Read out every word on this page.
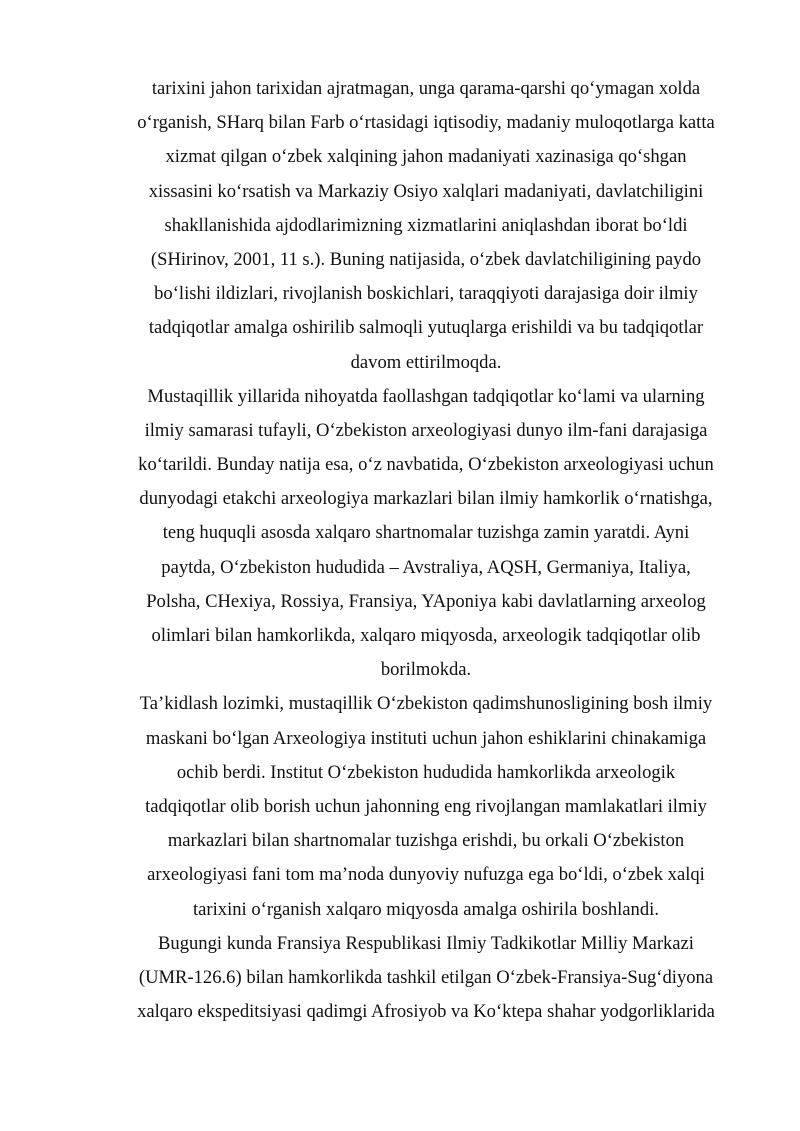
tarixini jahon tarixidan ajratmagan, unga qarama-qarshi qo‘ymagan xolda
o‘rganish, SHarq bilan Farb o‘rtasidagi iqtisodiy, madaniy muloqotlarga katta
xizmat qilgan o‘zbek xalqining jahon madaniyati xazinasiga qo‘shgan
xissasini ko‘rsatish va Markaziy Osiyo xalqlari madaniyati, davlatchiligini
shakllanishida ajdodlarimizning xizmatlarini aniqlashdan iborat bo‘ldi
(SHirinov, 2001, 11 s.). Buning natijasida, o‘zbek davlatchiligining paydo
bo‘lishi ildizlari, rivojlanish boskichlari, taraqqiyoti darajasiga doir ilmiy
tadqiqotlar amalga oshirilib salmoqli yutuqlarga erishildi va bu tadqiqotlar
davom ettirilmoqda.
Mustaqillik yillarida nihoyatda faollashgan tadqiqotlar ko‘lami va ularning
ilmiy samarasi tufayli, O‘zbekiston arxeologiyasi dunyo ilm-fani darajasiga
ko‘tarildi. Bunday natija esa, o‘z navbatida, O‘zbekiston arxeologiyasi uchun
dunyodagi etakchi arxeologiya markazlari bilan ilmiy hamkorlik o‘rnatishga,
teng huquqli asosda xalqaro shartnomalar tuzishga zamin yaratdi. Ayni
paytda, O‘zbekiston hududida – Avstraliya, AQSH, Germaniya, Italiya,
Polsha, CHexiya, Rossiya, Fransiya, YAponiya kabi davlatlarning arxeolog
olimlari bilan hamkorlikda, xalqaro miqyosda, arxeologik tadqiqotlar olib
borilmokda.
Ta’kidlash lozimki, mustaqillik O‘zbekiston qadimshunosligining bosh ilmiy
maskani bo‘lgan Arxeologiya instituti uchun jahon eshiklarini chinakamiga
ochib berdi. Institut O‘zbekiston hududida hamkorlikda arxeologik
tadqiqotlar olib borish uchun jahonning eng rivojlangan mamlakatlari ilmiy
markazlari bilan shartnomalar tuzishga erishdi, bu orkali O‘zbekiston
arxeologiyasi fani tom ma’noda dunyoviy nufuzga ega bo‘ldi, o‘zbek xalqi
tarixini o‘rganish xalqaro miqyosda amalga oshirila boshlandi.
Bugungi kunda Fransiya Respublikasi Ilmiy Tadkikotlar Milliy Markazi
(UMR-126.6) bilan hamkorlikda tashkil etilgan O‘zbek-Fransiya-Sug‘diyona
xalqaro ekspeditsiyasi qadimgi Afrosiyob va Ko‘ktepa shahar yodgorliklarida
